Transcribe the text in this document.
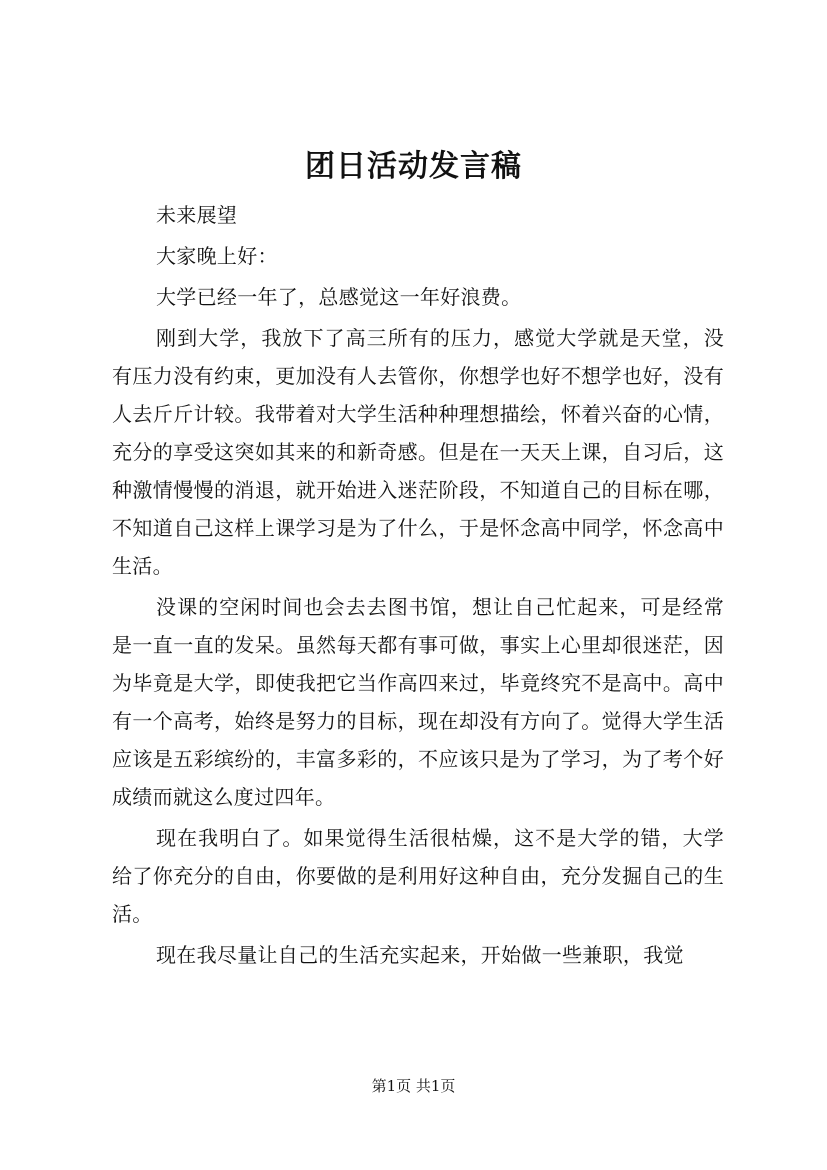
团日活动发言稿

未来展望

大家晚上好：

大学已经一年了，总感觉这一年好浪费。

刚到大学，我放下了高三所有的压力，感觉大学就是天堂，没有压力没有约束，更加没有人去管你，你想学也好不想学也好，没有人去斤斤计较。我带着对大学生活种种理想描绘，怀着兴奋的心情，充分的享受这突如其来的和新奇感。但是在一天天上课，自习后，这种激情慢慢的消退，就开始进入迷茫阶段，不知道自己的目标在哪，不知道自己这样上课学习是为了什么，于是怀念高中同学，怀念高中生活。

没课的空闲时间也会去去图书馆，想让自己忙起来，可是经常是一直一直的发呆。虽然每天都有事可做，事实上心里却很迷茫，因为毕竟是大学，即使我把它当作高四来过，毕竟终究不是高中。高中有一个高考，始终是努力的目标，现在却没有方向了。觉得大学生活应该是五彩缤纷的，丰富多彩的，不应该只是为了学习，为了考个好成绩而就这么度过四年。

现在我明白了。如果觉得生活很枯燥，这不是大学的错，大学给了你充分的自由，你要做的是利用好这种自由，充分发掘自己的生活。

现在我尽量让自己的生活充实起来，开始做一些兼职，我觉

第1页 共1页
